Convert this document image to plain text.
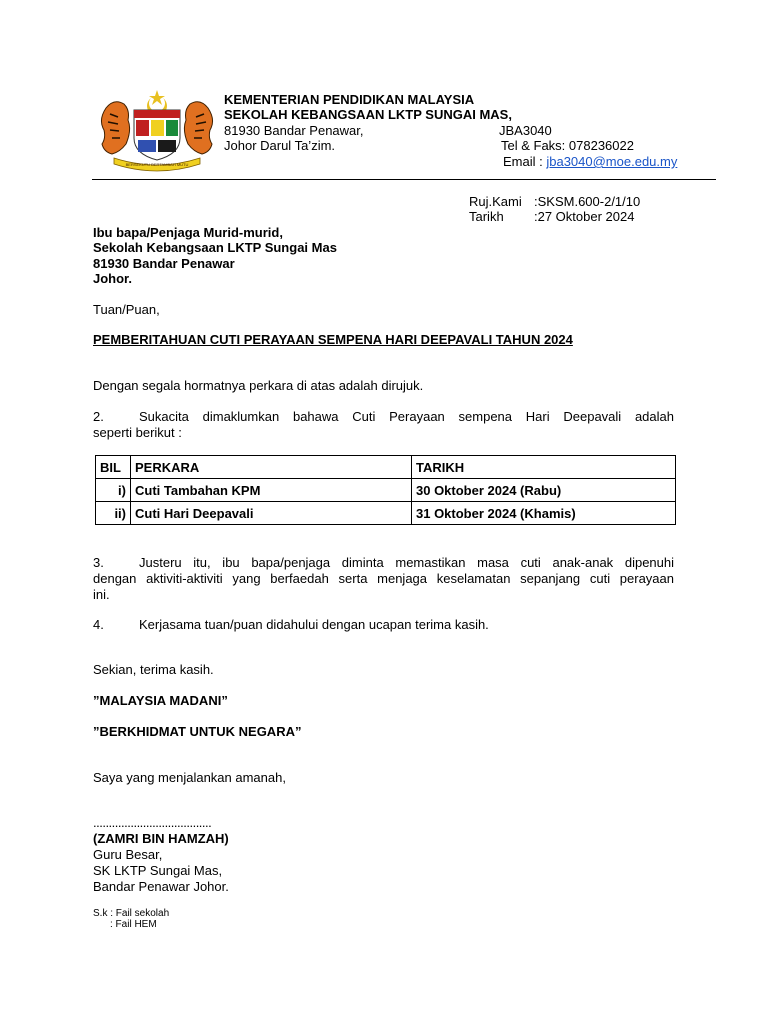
BERSEKUTU BERTAMBAH MUTU
KEMENTERIAN PENDIDIKAN MALAYSIA
SEKOLAH KEBANGSAAN LKTP SUNGAI MAS,
81930 Bandar Penawar,	JBA3040
Johor Darul Ta’zim.	Tel & Faks: 078236022
Email : jba3040@moe.edu.my
Ruj.Kami :SKSM.600-2/1/10
Tarikh :27 Oktober 2024
Ibu bapa/Penjaga Murid-murid,
Sekolah Kebangsaan LKTP Sungai Mas
81930 Bandar Penawar
Johor.
Tuan/Puan,
PEMBERITAHUAN CUTI PERAYAAN SEMPENA HARI DEEPAVALI TAHUN 2024
Dengan segala hormatnya perkara di atas adalah dirujuk.
2.	Sukacita dimaklumkan bahawa Cuti Perayaan sempena Hari Deepavali adalah
seperti berikut :
BIL	PERKARA	TARIKH
i)	Cuti Tambahan KPM	30 Oktober 2024 (Rabu)
ii)	Cuti Hari Deepavali	31 Oktober 2024 (Khamis)
3.	Justeru itu, ibu bapa/penjaga diminta memastikan masa cuti anak-anak dipenuhi
dengan aktiviti-aktiviti yang berfaedah serta menjaga keselamatan sepanjang cuti perayaan
ini.
4.	Kerjasama tuan/puan didahului dengan ucapan terima kasih.
Sekian, terima kasih.
”MALAYSIA MADANI”
”BERKHIDMAT UNTUK NEGARA”
Saya yang menjalankan amanah,
......................................
(ZAMRI BIN HAMZAH)
Guru Besar,
SK LKTP Sungai Mas,
Bandar Penawar Johor.
S.k : Fail sekolah
: Fail HEM
